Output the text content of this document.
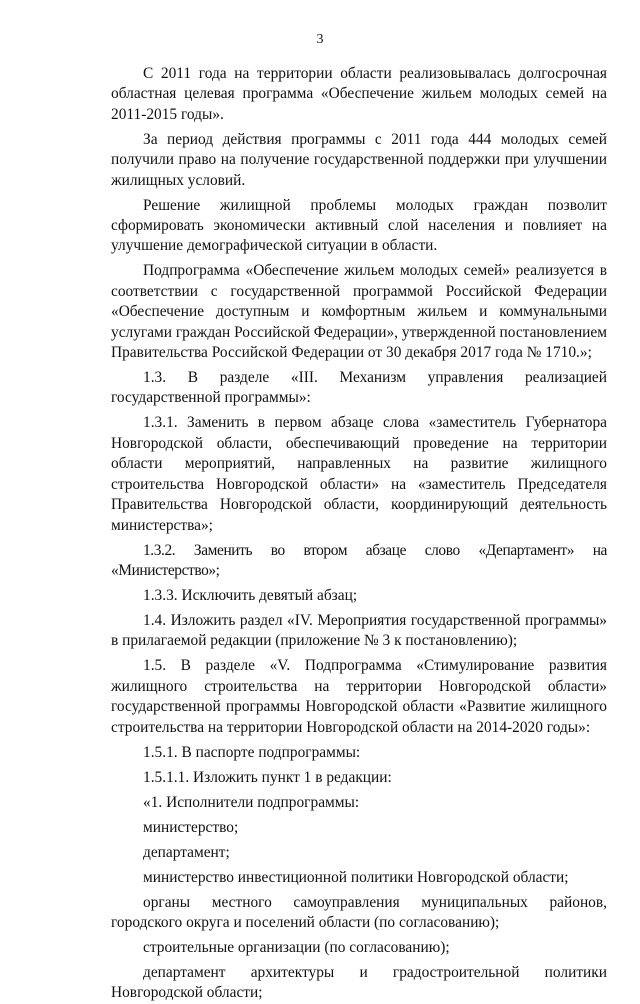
3

С 2011 года на территории области реализовывалась долгосрочная областная целевая программа «Обеспечение жильем молодых семей на 2011-2015 годы».

За период действия программы с 2011 года 444 молодых семей получили право на получение государственной поддержки при улучшении жилищных условий.

Решение жилищной проблемы молодых граждан позволит сформировать экономически активный слой населения и повлияет на улучшение демографической ситуации в области.

Подпрограмма «Обеспечение жильем молодых семей» реализуется в соответствии с государственной программой Российской Федерации «Обеспечение доступным и комфортным жильем и коммунальными услугами граждан Российской Федерации», утвержденной постановлением Правительства Российской Федерации от 30 декабря 2017 года № 1710.»;

1.3. В разделе «III. Механизм управления реализацией государственной программы»:

1.3.1. Заменить в первом абзаце слова «заместитель Губернатора Новгородской области, обеспечивающий проведение на территории области мероприятий, направленных на развитие жилищного строительства Новгородской области» на «заместитель Председателя Правительства Новгородской области, координирующий деятельность министерства»;

1.3.2. Заменить во втором абзаце слово «Департамент» на «Министерство»;

1.3.3. Исключить девятый абзац;

1.4. Изложить раздел «IV. Мероприятия государственной программы» в прилагаемой редакции (приложение № 3 к постановлению);

1.5. В разделе «V. Подпрограмма «Стимулирование развития жилищного строительства на территории Новгородской области» государственной программы Новгородской области «Развитие жилищного строительства на территории Новгородской области на 2014-2020 годы»:

1.5.1. В паспорте подпрограммы:

1.5.1.1. Изложить пункт 1 в редакции:

«1. Исполнители подпрограммы:

министерство;

департамент;

министерство инвестиционной политики Новгородской области;

органы местного самоуправления муниципальных районов, городского округа и поселений области (по согласованию);

строительные организации (по согласованию);

департамент архитектуры и градостроительной политики Новгородской области;
